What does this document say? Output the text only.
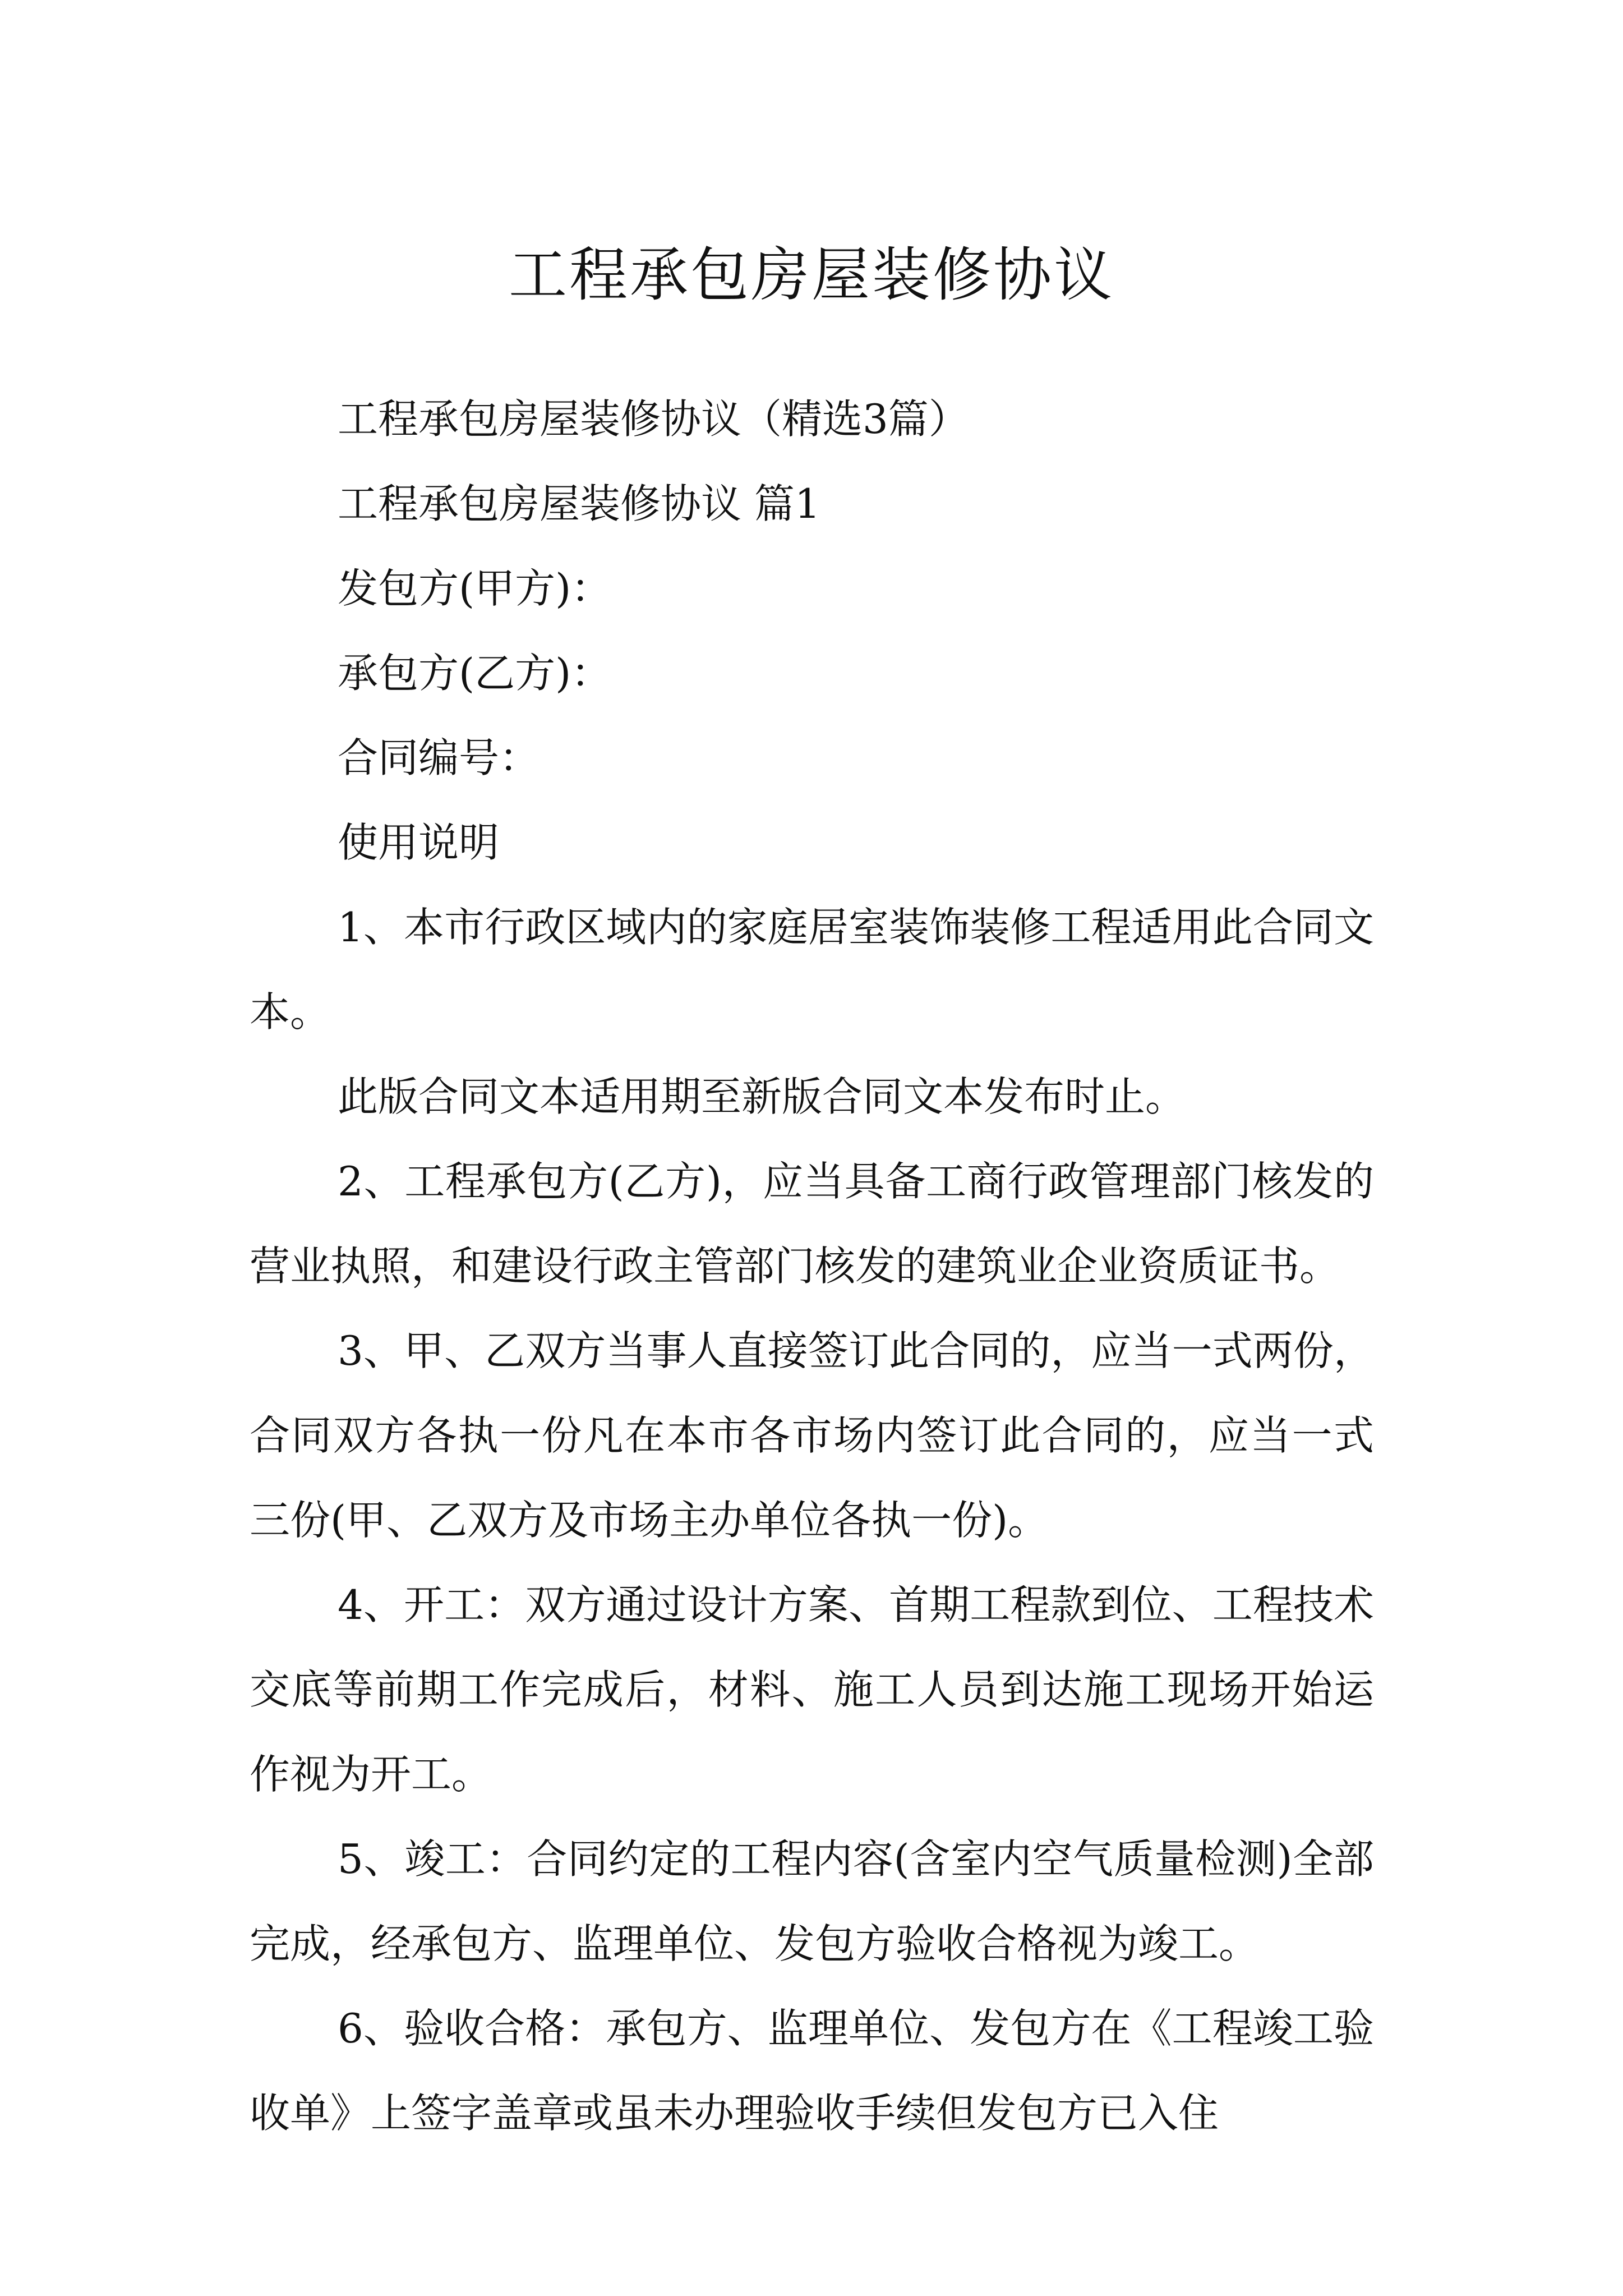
工程承包房屋装修协议
工程承包房屋装修协议（精选3篇）
工程承包房屋装修协议 篇1
发包方(甲方)：
承包方(乙方)：
合同编号：
使用说明

1、本市行政区域内的家庭居室装饰装修工程适用此合同文本。

此版合同文本适用期至新版合同文本发布时止。

2、工程承包方(乙方)，应当具备工商行政管理部门核发的营业执照，和建设行政主管部门核发的建筑业企业资质证书。

3、甲、乙双方当事人直接签订此合同的，应当一式两份，合同双方各执一份凡在本市各市场内签订此合同的，应当一式三份(甲、乙双方及市场主办单位各执一份)。

4、开工：双方通过设计方案、首期工程款到位、工程技术交底等前期工作完成后，材料、施工人员到达施工现场开始运作视为开工。

5、竣工：合同约定的工程内容(含室内空气质量检测)全部完成，经承包方、监理单位、发包方验收合格视为竣工。

6、验收合格：承包方、监理单位、发包方在《工程竣工验收单》上签字盖章或虽未办理验收手续但发包方已入住
